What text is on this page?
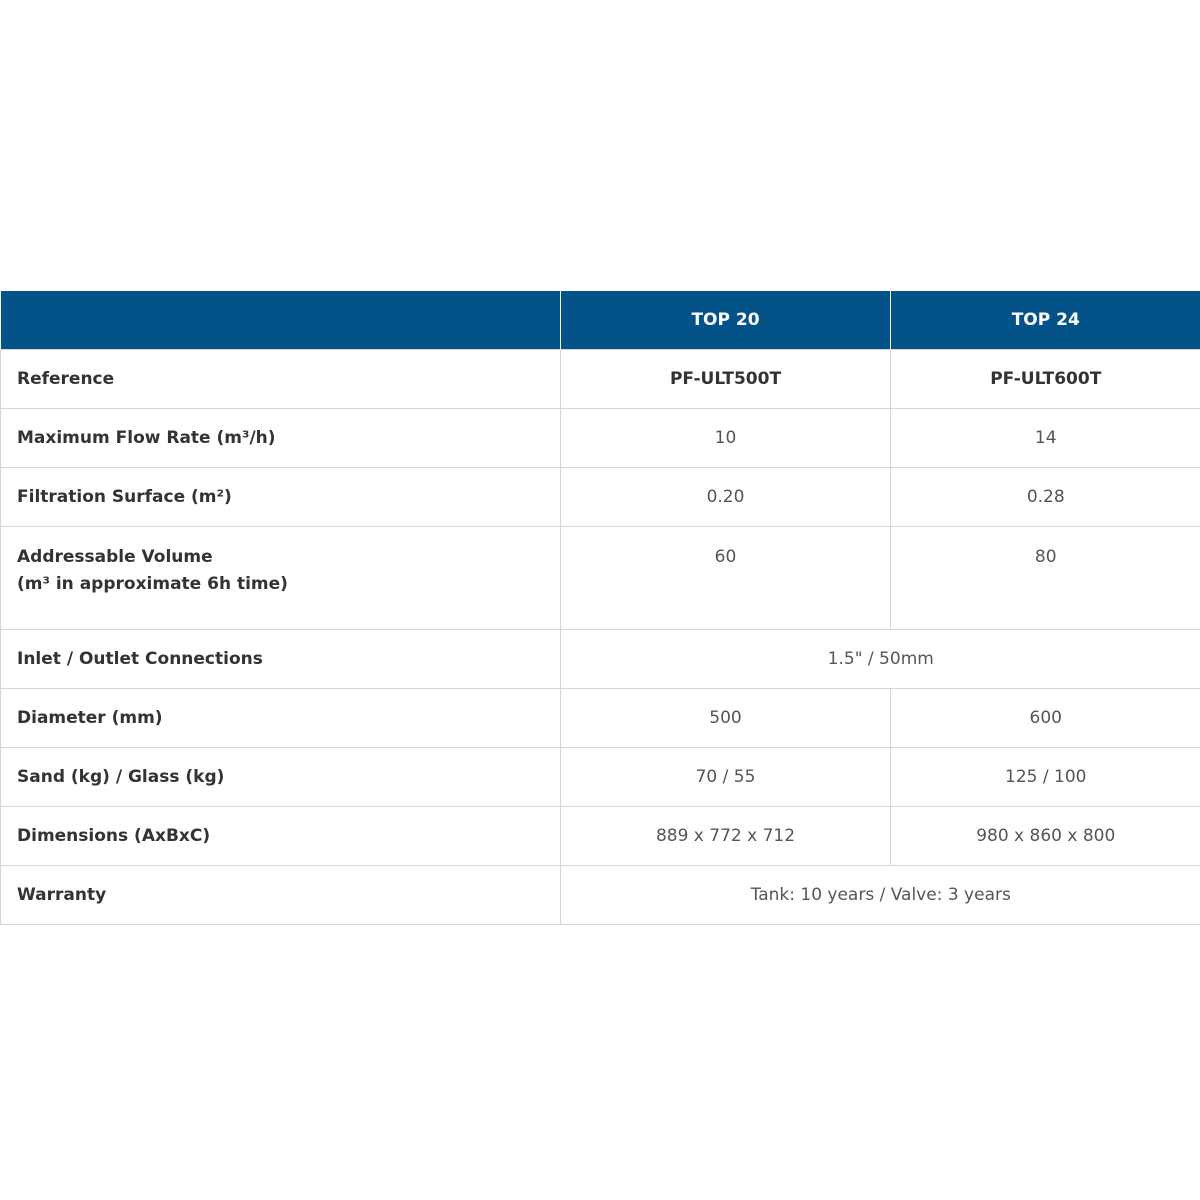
	TOP 20	TOP 24
Reference	PF-ULT500T	PF-ULT600T
Maximum Flow Rate (m³/h)	10	14
Filtration Surface (m²)	0.20	0.28

Addressable Volume
(m³ in approximate 6h time)	60	80
Inlet / Outlet Connections	1.5" / 50mm	
Diameter (mm)	500	600
Sand (kg) / Glass (kg)	70 / 55	125 / 100
Dimensions (AxBxC)	889 x 772 x 712	980 x 860 x 800
Warranty	Tank: 10 years / Valve: 3 years	
